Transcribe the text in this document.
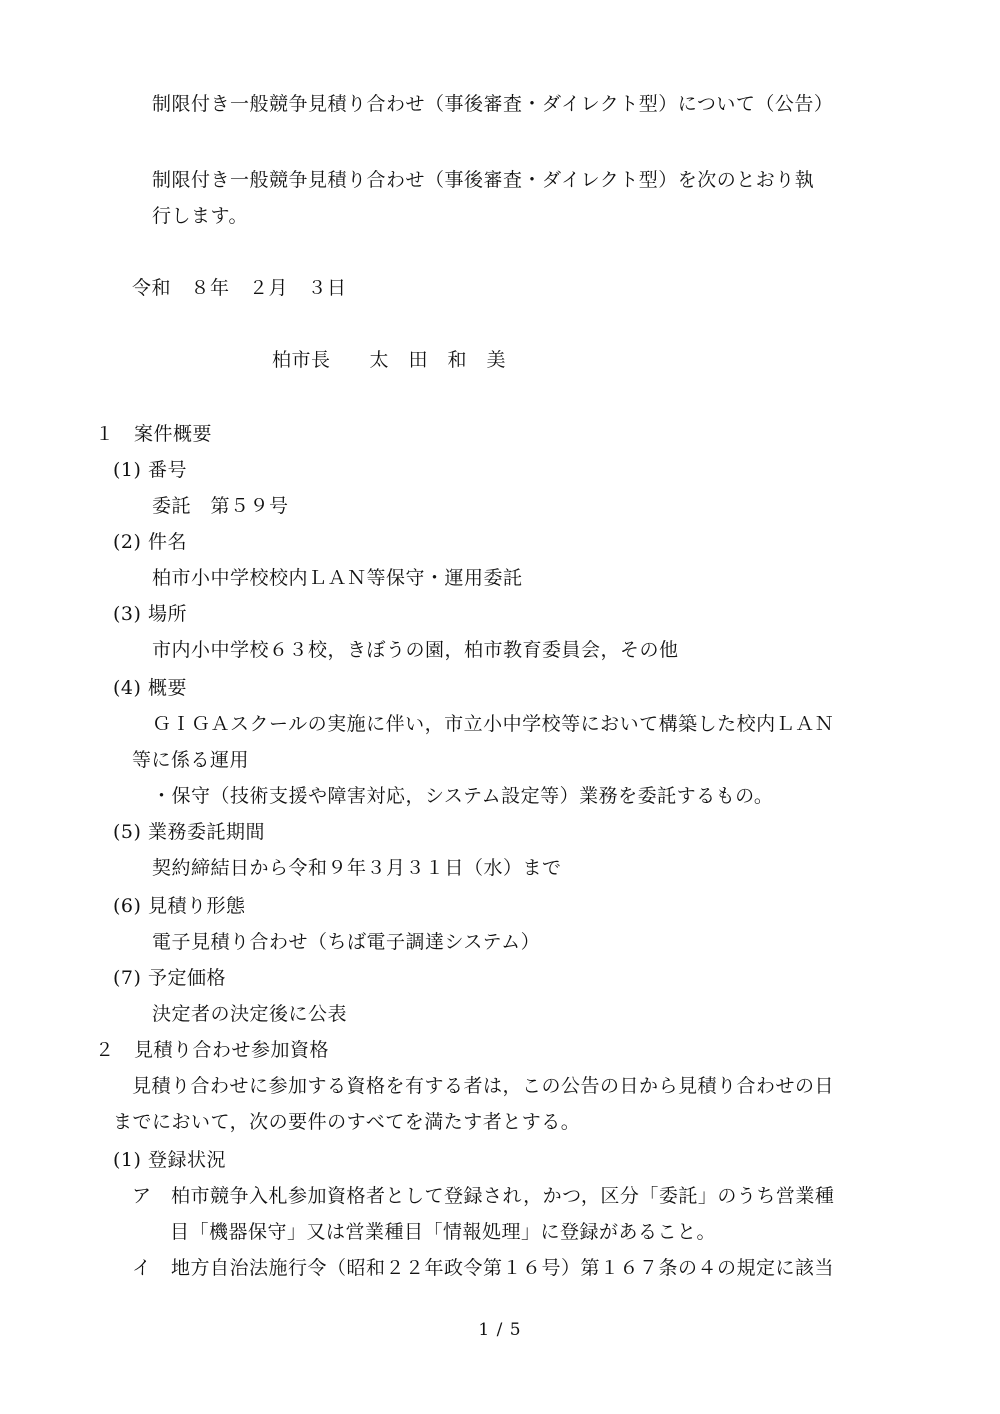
制限付き一般競争見積り合わせ（事後審査・ダイレクト型）について（公告）
制限付き一般競争見積り合わせ（事後審査・ダイレクト型）を次のとおり執
行します。
令和　８年　２月　３日
柏市長　　太　田　和　美
１　案件概要
(1) 番号
委託　第５９号
(2) 件名
柏市小中学校校内ＬＡＮ等保守・運用委託
(3) 場所
市内小中学校６３校，きぼうの園，柏市教育委員会，その他
(4) 概要
ＧＩＧＡスクールの実施に伴い，市立小中学校等において構築した校内ＬＡＮ
等に係る運用
・保守（技術支援や障害対応，システム設定等）業務を委託するもの。
(5) 業務委託期間
契約締結日から令和９年３月３１日（水）まで
(6) 見積り形態
電子見積り合わせ（ちば電子調達システム）
(7) 予定価格
決定者の決定後に公表
２　見積り合わせ参加資格
見積り合わせに参加する資格を有する者は，この公告の日から見積り合わせの日
までにおいて，次の要件のすべてを満たす者とする。
(1) 登録状況
ア　柏市競争入札参加資格者として登録され，かつ，区分「委託」のうち営業種
目「機器保守」又は営業種目「情報処理」に登録があること。
イ　地方自治法施行令（昭和２２年政令第１６号）第１６７条の４の規定に該当
1 / 5
